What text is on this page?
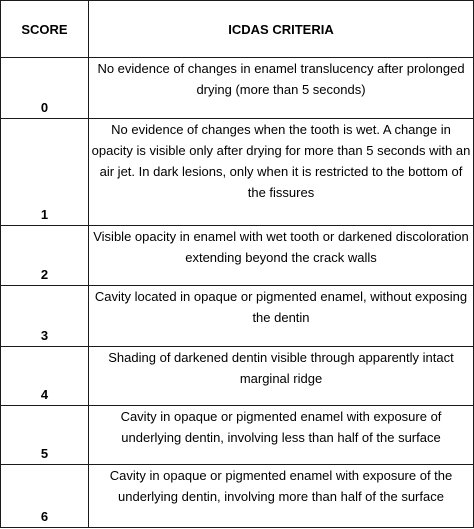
SCORE	ICDAS CRITERIA
0	No evidence of changes in enamel translucency after prolonged drying (more than 5 seconds)
1	No evidence of changes when the tooth is wet. A change in opacity is visible only after drying for more than 5 seconds with an air jet. In dark lesions, only when it is restricted to the bottom of the fissures
2	Visible opacity in enamel with wet tooth or darkened discoloration extending beyond the crack walls
3	Cavity located in opaque or pigmented enamel, without exposing the dentin
4	Shading of darkened dentin visible through apparently intact marginal ridge
5	Cavity in opaque or pigmented enamel with exposure of underlying dentin, involving less than half of the surface
6	Cavity in opaque or pigmented enamel with exposure of the underlying dentin, involving more than half of the surface
